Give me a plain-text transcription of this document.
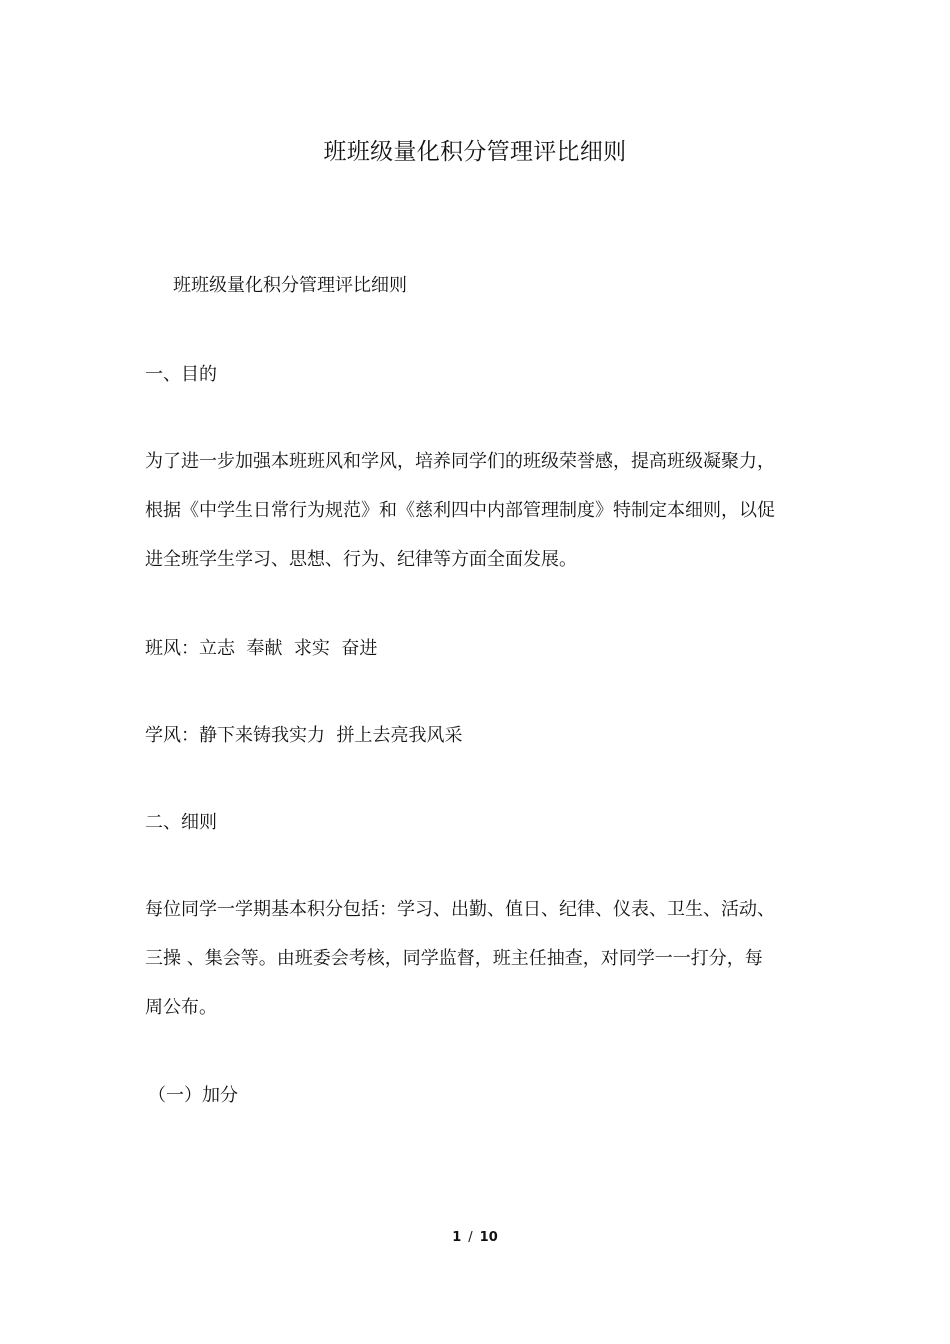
班班级量化积分管理评比细则
班班级量化积分管理评比细则
一、目的
为了进一步加强本班班风和学风，培养同学们的班级荣誉感，提高班级凝聚力，
根据《中学生日常行为规范》和《慈利四中内部管理制度》特制定本细则，以促
进全班学生学习、思想、行为、纪律等方面全面发展。
班风：立志  奉献  求实  奋进
学风：静下来铸我实力  拼上去亮我风采
二、细则
每位同学一学期基本积分包括：学习、出勤、值日、纪律、仪表、卫生、活动、
三操 、集会等。由班委会考核，同学监督，班主任抽查，对同学一一打分，每
周公布。
（一）加分
1 / 10
